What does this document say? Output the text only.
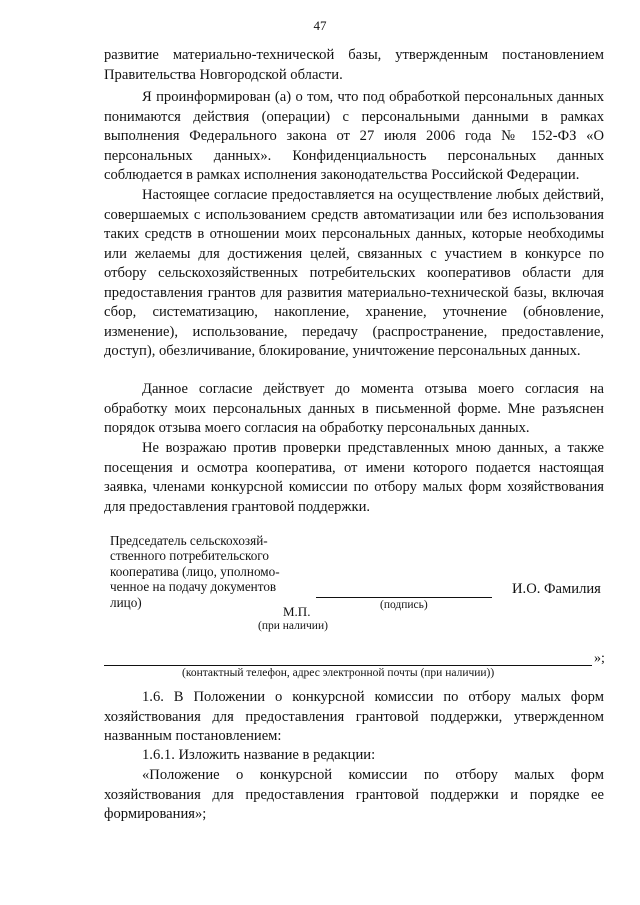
47

развитие материально-технической базы, утвержденным постановлением Правительства Новгородской области.

Я проинформирован (а) о том, что под обработкой персональных данных понимаются действия (операции) с персональными данными в рамках выполнения Федерального закона от 27 июля 2006 года № 152-ФЗ «О персональных данных». Конфиденциальность персональных данных соблюдается в рамках исполнения законодательства Российской Федерации.

Настоящее согласие предоставляется на осуществление любых действий, совершаемых с использованием средств автоматизации или без использования таких средств в отношении моих персональных данных, которые необходимы или желаемы для достижения целей, связанных с участием в конкурсе по отбору сельскохозяйственных потребительских кооперативов области для предоставления грантов для развития материально-технической базы, включая сбор, систематизацию, накопление, хранение, уточнение (обновление, изменение), использование, передачу (распространение, предоставление, доступ), обезличивание, блокирование, уничтожение персональных данных.

Данное согласие действует до момента отзыва моего согласия на обработку моих персональных данных в письменной форме. Мне разъяснен порядок отзыва моего согласия на обработку персональных данных.

Не возражаю против проверки представленных мною данных, а также посещения и осмотра кооператива, от имени которого подается настоящая заявка, членами конкурсной комиссии по отбору малых форм хозяйствования для предоставления грантовой поддержки.

Председатель сельскохозяй-ственного потребительского кооператива (лицо, уполномо-ченное на подачу документов лицо)	(подпись)
И.О. Фамилия
М.П.
(при наличии)
»;
(контактный телефон, адрес электронной почты (при наличии))

1.6. В Положении о конкурсной комиссии по отбору малых форм хозяйствования для предоставления грантовой поддержки, утвержденном названным постановлением:

1.6.1. Изложить название в редакции:

«Положение о конкурсной комиссии по отбору малых форм хозяйствования для предоставления грантовой поддержки и порядке ее формирования»;
